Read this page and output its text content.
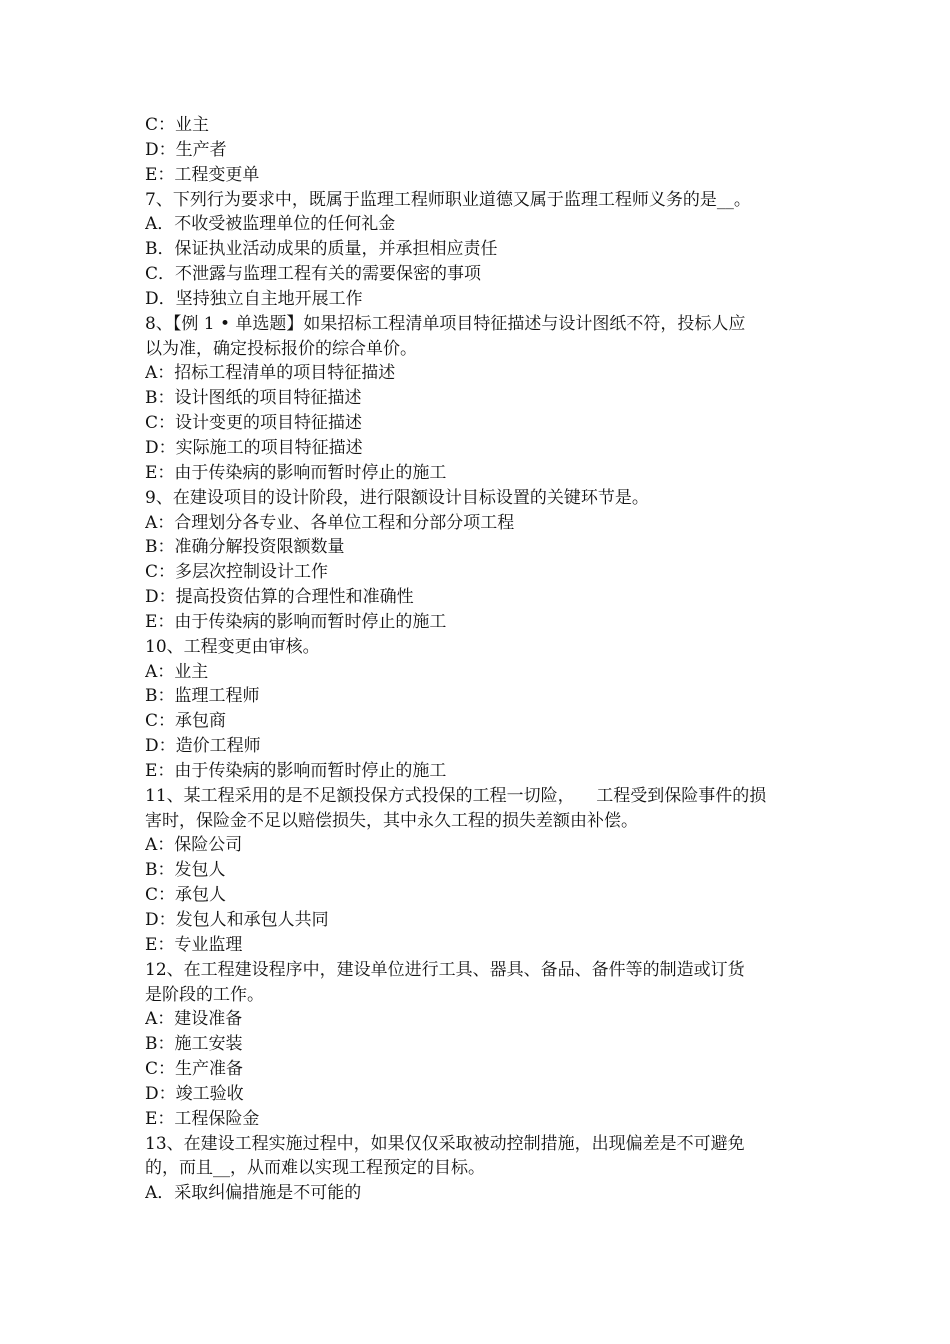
C：业主
D：生产者
E：工程变更单
7、下列行为要求中，既属于监理工程师职业道德又属于监理工程师义务的是__。
A．不收受被监理单位的任何礼金
B．保证执业活动成果的质量，并承担相应责任
C．不泄露与监理工程有关的需要保密的事项
D．坚持独立自主地开展工作
8、【例 1 • 单选题】如果招标工程清单项目特征描述与设计图纸不符，投标人应
以为准，确定投标报价的综合单价。
A：招标工程清单的项目特征描述
B：设计图纸的项目特征描述
C：设计变更的项目特征描述
D：实际施工的项目特征描述
E：由于传染病的影响而暂时停止的施工
9、在建设项目的设计阶段，进行限额设计目标设置的关键环节是。
A：合理划分各专业、各单位工程和分部分项工程
B：准确分解投资限额数量
C：多层次控制设计工作
D：提高投资估算的合理性和准确性
E：由于传染病的影响而暂时停止的施工
10、工程变更由审核。
A：业主
B：监理工程师
C：承包商
D：造价工程师
E：由于传染病的影响而暂时停止的施工
11、某工程采用的是不足额投保方式投保的工程一切险，    工程受到保险事件的损
害时，保险金不足以赔偿损失，其中永久工程的损失差额由补偿。
A：保险公司
B：发包人
C：承包人
D：发包人和承包人共同
E：专业监理
12、在工程建设程序中，建设单位进行工具、器具、备品、备件等的制造或订货
是阶段的工作。
A：建设准备
B：施工安装
C：生产准备
D：竣工验收
E：工程保险金
13、在建设工程实施过程中，如果仅仅采取被动控制措施，出现偏差是不可避免
的，而且__，从而难以实现工程预定的目标。
A．采取纠偏措施是不可能的
